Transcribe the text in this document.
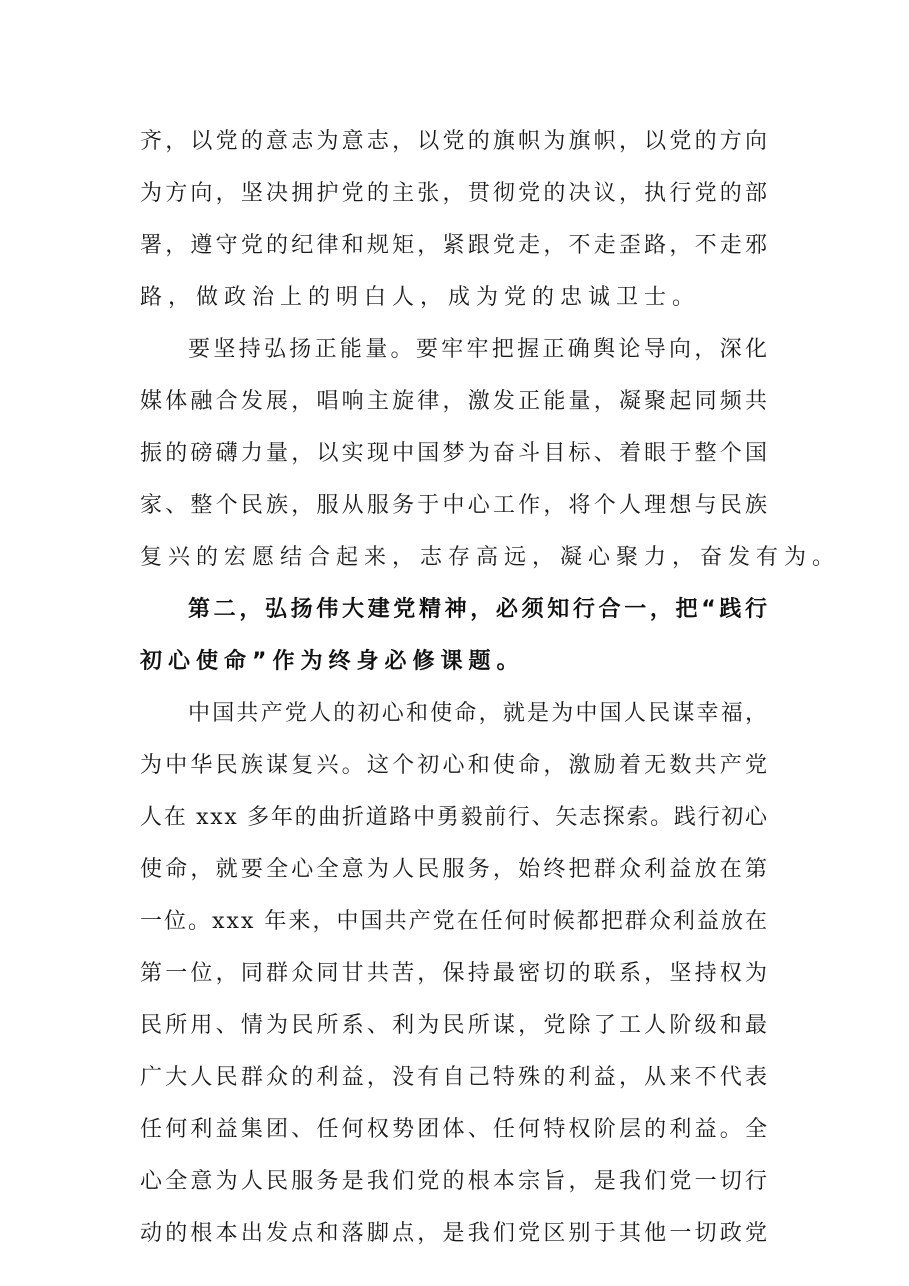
齐，以党的意志为意志，以党的旗帜为旗帜，以党的方向
为方向，坚决拥护党的主张，贯彻党的决议，执行党的部
署，遵守党的纪律和规矩，紧跟党走，不走歪路，不走邪
路，做政治上的明白人，成为党的忠诚卫士。
要坚持弘扬正能量。要牢牢把握正确舆论导向，深化
媒体融合发展，唱响主旋律，激发正能量，凝聚起同频共
振的磅礴力量，以实现中国梦为奋斗目标、着眼于整个国
家、整个民族，服从服务于中心工作，将个人理想与民族
复兴的宏愿结合起来，志存高远，凝心聚力，奋发有为。
第二，弘扬伟大建党精神，必须知行合一，把“践行
初心使命”作为终身必修课题。
中国共产党人的初心和使命，就是为中国人民谋幸福，
为中华民族谋复兴。这个初心和使命，激励着无数共产党
人在 xxx 多年的曲折道路中勇毅前行、矢志探索。践行初心
使命，就要全心全意为人民服务，始终把群众利益放在第
一位。xxx 年来，中国共产党在任何时候都把群众利益放在
第一位，同群众同甘共苦，保持最密切的联系，坚持权为
民所用、情为民所系、利为民所谋，党除了工人阶级和最
广大人民群众的利益，没有自己特殊的利益，从来不代表
任何利益集团、任何权势团体、任何特权阶层的利益。全
心全意为人民服务是我们党的根本宗旨，是我们党一切行
动的根本出发点和落脚点，是我们党区别于其他一切政党
